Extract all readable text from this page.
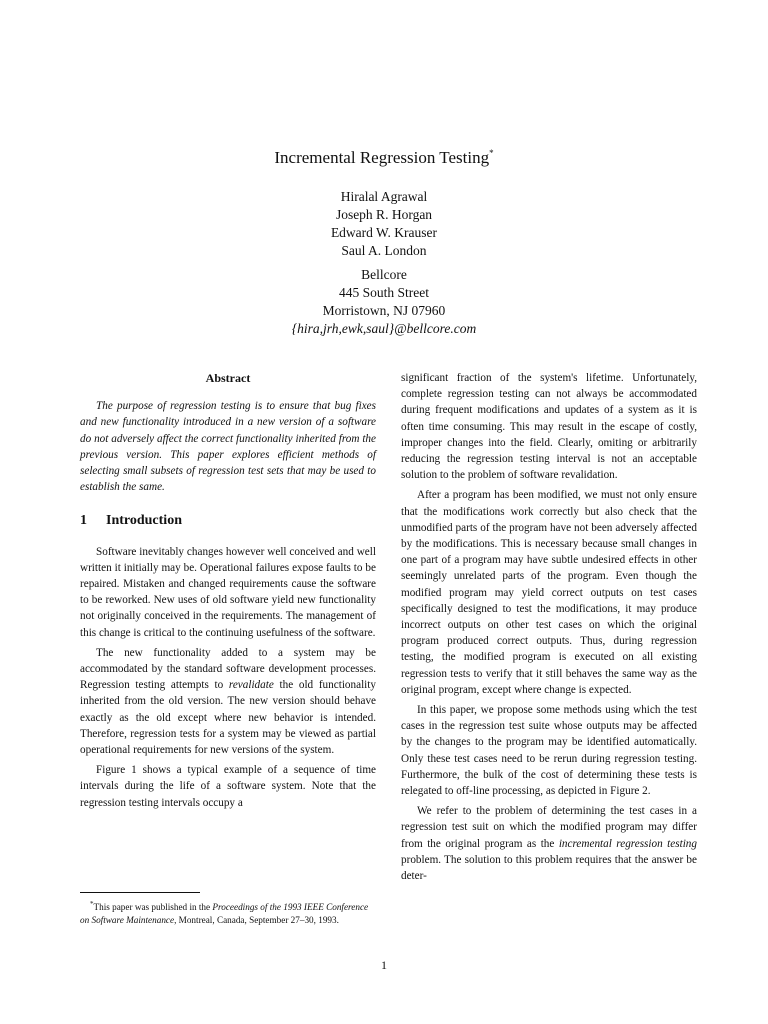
Incremental Regression Testing*
Hiralal Agrawal
Joseph R. Horgan
Edward W. Krauser
Saul A. London
Bellcore
445 South Street
Morristown, NJ 07960
{hira,jrh,ewk,saul}@bellcore.com
Abstract

The purpose of regression testing is to ensure that bug fixes and new functionality introduced in a new version of a software do not adversely affect the correct functionality inherited from the previous version. This paper explores efficient methods of selecting small subsets of regression test sets that may be used to establish the same.

1 Introduction

Software inevitably changes however well conceived and well written it initially may be. Operational failures expose faults to be repaired. Mistaken and changed requirements cause the software to be reworked. New uses of old software yield new functionality not originally conceived in the requirements. The management of this change is critical to the continuing usefulness of the software.

The new functionality added to a system may be accommodated by the standard software development processes. Regression testing attempts to revalidate the old functionality inherited from the old version. The new version should behave exactly as the old except where new behavior is intended. Therefore, regression tests for a system may be viewed as partial operational requirements for new versions of the system.

Figure 1 shows a typical example of a sequence of time intervals during the life of a software system. Note that the regression testing intervals occupy a

significant fraction of the system's lifetime. Unfortunately, complete regression testing can not always be accommodated during frequent modifications and updates of a system as it is often time consuming. This may result in the escape of costly, improper changes into the field. Clearly, omiting or arbitrarily reducing the regression testing interval is not an acceptable solution to the problem of software revalidation.

After a program has been modified, we must not only ensure that the modifications work correctly but also check that the unmodified parts of the program have not been adversely affected by the modifications. This is necessary because small changes in one part of a program may have subtle undesired effects in other seemingly unrelated parts of the program. Even though the modified program may yield correct outputs on test cases specifically designed to test the modifications, it may produce incorrect outputs on other test cases on which the original program produced correct outputs. Thus, during regression testing, the modified program is executed on all existing regression tests to verify that it still behaves the same way as the original program, except where change is expected.

In this paper, we propose some methods using which the test cases in the regression test suite whose outputs may be affected by the changes to the program may be identified automatically. Only these test cases need to be rerun during regression testing. Furthermore, the bulk of the cost of determining these tests is relegated to off-line processing, as depicted in Figure 2.

We refer to the problem of determining the test cases in a regression test suit on which the modified program may differ from the original program as the incremental regression testing problem. The solution to this problem requires that the answer be deter-

*This paper was published in the Proceedings of the 1993 IEEE Conference on Software Maintenance, Montreal, Canada, September 27–30, 1993.
1
